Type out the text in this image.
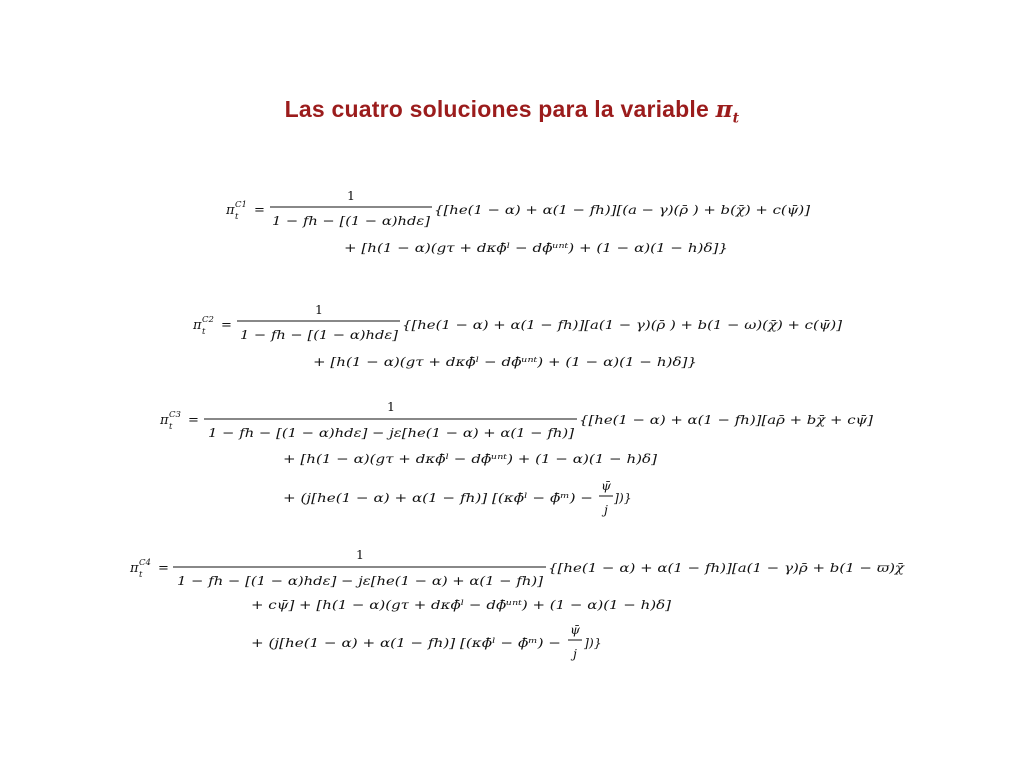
Las cuatro soluciones para la variable $\pi_t$
π C1
t =
1
1 − fh − [(1 − α)hdε]
{[he(1 − α) + α(1 − fh)][(a − γ)(ρ̄ ) + b(χ̄) + c(ψ̄)]
+ [h(1 − α)(gτ + dκϕ̄ˡ − dϕ̄ᵘⁿᵗ) + (1 − α)(1 − h)δ]}
π C2
t =
1
1 − fh − [(1 − α)hdε]
{[he(1 − α) + α(1 − fh)][a(1 − γ)(ρ̄ ) + b(1 − ω)(χ̄) + c(ψ̄)]
+ [h(1 − α)(gτ + dκϕ̄ˡ − dϕ̄ᵘⁿᵗ) + (1 − α)(1 − h)δ]}
π C3
t =
1
1 − fh − [(1 − α)hdε] − jε[he(1 − α) + α(1 − fh)]
{[he(1 − α) + α(1 − fh)][aρ̄ + bχ̄ + cψ̄]
+ [h(1 − α)(gτ + dκϕ̄ˡ − dϕ̄ᵘⁿᵗ) + (1 − α)(1 − h)δ]
+ (j[he(1 − α) + α(1 − fh)] [(κϕ̄ˡ − ϕ̄ᵐ) −
ψ̄
j
])}
π C4
t =
1
1 − fh − [(1 − α)hdε] − jε[he(1 − α) + α(1 − fh)]
{[he(1 − α) + α(1 − fh)][a(1 − γ)ρ̄ + b(1 − ϖ)χ̄
+ cψ̄] + [h(1 − α)(gτ + dκϕ̄ˡ − dϕ̄ᵘⁿᵗ) + (1 − α)(1 − h)δ]
+ (j[he(1 − α) + α(1 − fh)] [(κϕ̄ˡ − ϕ̄ᵐ) −
ψ̄
j
])}
